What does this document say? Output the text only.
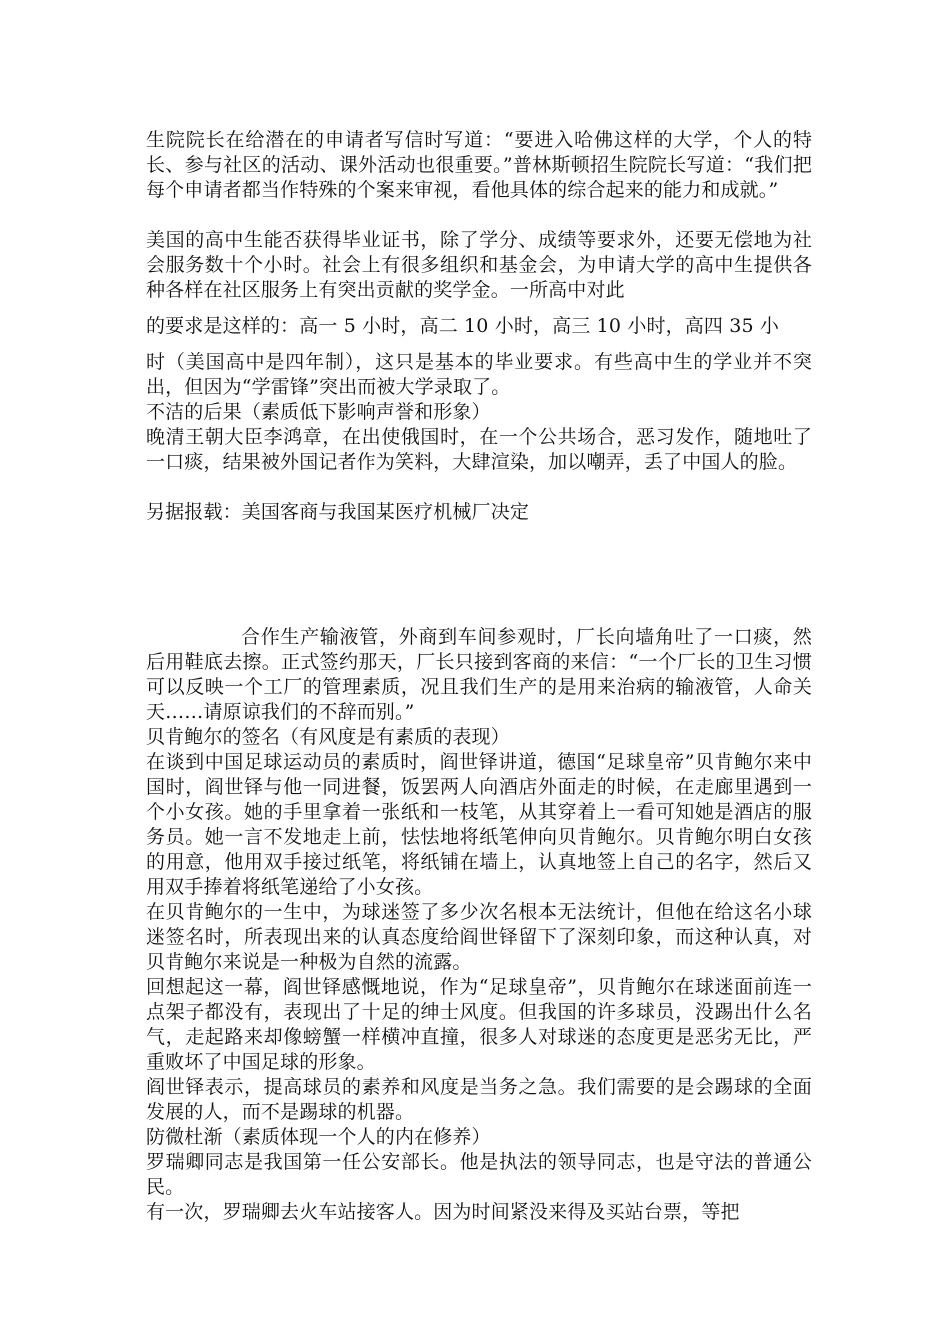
生院院长在给潜在的申请者写信时写道：“要进入哈佛这样的大学，个人的特长、参与社区的活动、课外活动也很重要。”普林斯顿招生院院长写道：“我们把每个申请者都当作特殊的个案来审视，看他具体的综合起来的能力和成就。”

美国的高中生能否获得毕业证书，除了学分、成绩等要求外，还要无偿地为社会服务数十个小时。社会上有很多组织和基金会，为申请大学的高中生提供各种各样在社区服务上有突出贡献的奖学金。一所高中对此

的要求是这样的：高一 5 小时，高二 10 小时，高三 10 小时，高四 35 小

时（美国高中是四年制），这只是基本的毕业要求。有些高中生的学业并不突出，但因为“学雷锋”突出而被大学录取了。

不洁的后果（素质低下影响声誉和形象）

晚清王朝大臣李鸿章，在出使俄国时，在一个公共场合，恶习发作，随地吐了一口痰，结果被外国记者作为笑料，大肆渲染，加以嘲弄，丢了中国人的脸。

另据报载：美国客商与我国某医疗机械厂决定

合作生产输液管，外商到车间参观时，厂长向墙角吐了一口痰，然后用鞋底去擦。正式签约那天，厂长只接到客商的来信：“一个厂长的卫生习惯可以反映一个工厂的管理素质，况且我们生产的是用来治病的输液管，人命关天……请原谅我们的不辞而别。”

贝肯鲍尔的签名（有风度是有素质的表现）

在谈到中国足球运动员的素质时，阎世铎讲道，德国“足球皇帝”贝肯鲍尔来中国时，阎世铎与他一同进餐，饭罢两人向酒店外面走的时候，在走廊里遇到一个小女孩。她的手里拿着一张纸和一枝笔，从其穿着上一看可知她是酒店的服务员。她一言不发地走上前，怯怯地将纸笔伸向贝肯鲍尔。贝肯鲍尔明白女孩的用意，他用双手接过纸笔，将纸铺在墙上，认真地签上自己的名字，然后又用双手捧着将纸笔递给了小女孩。

在贝肯鲍尔的一生中，为球迷签了多少次名根本无法统计，但他在给这名小球迷签名时，所表现出来的认真态度给阎世铎留下了深刻印象，而这种认真，对贝肯鲍尔来说是一种极为自然的流露。

回想起这一幕，阎世铎感慨地说，作为“足球皇帝”，贝肯鲍尔在球迷面前连一点架子都没有，表现出了十足的绅士风度。但我国的许多球员，没踢出什么名气，走起路来却像螃蟹一样横冲直撞，很多人对球迷的态度更是恶劣无比，严重败坏了中国足球的形象。

阎世铎表示，提高球员的素养和风度是当务之急。我们需要的是会踢球的全面发展的人，而不是踢球的机器。

防微杜渐（素质体现一个人的内在修养）

罗瑞卿同志是我国第一任公安部长。他是执法的领导同志，也是守法的普通公民。

有一次，罗瑞卿去火车站接客人。因为时间紧没来得及买站台票，等把
